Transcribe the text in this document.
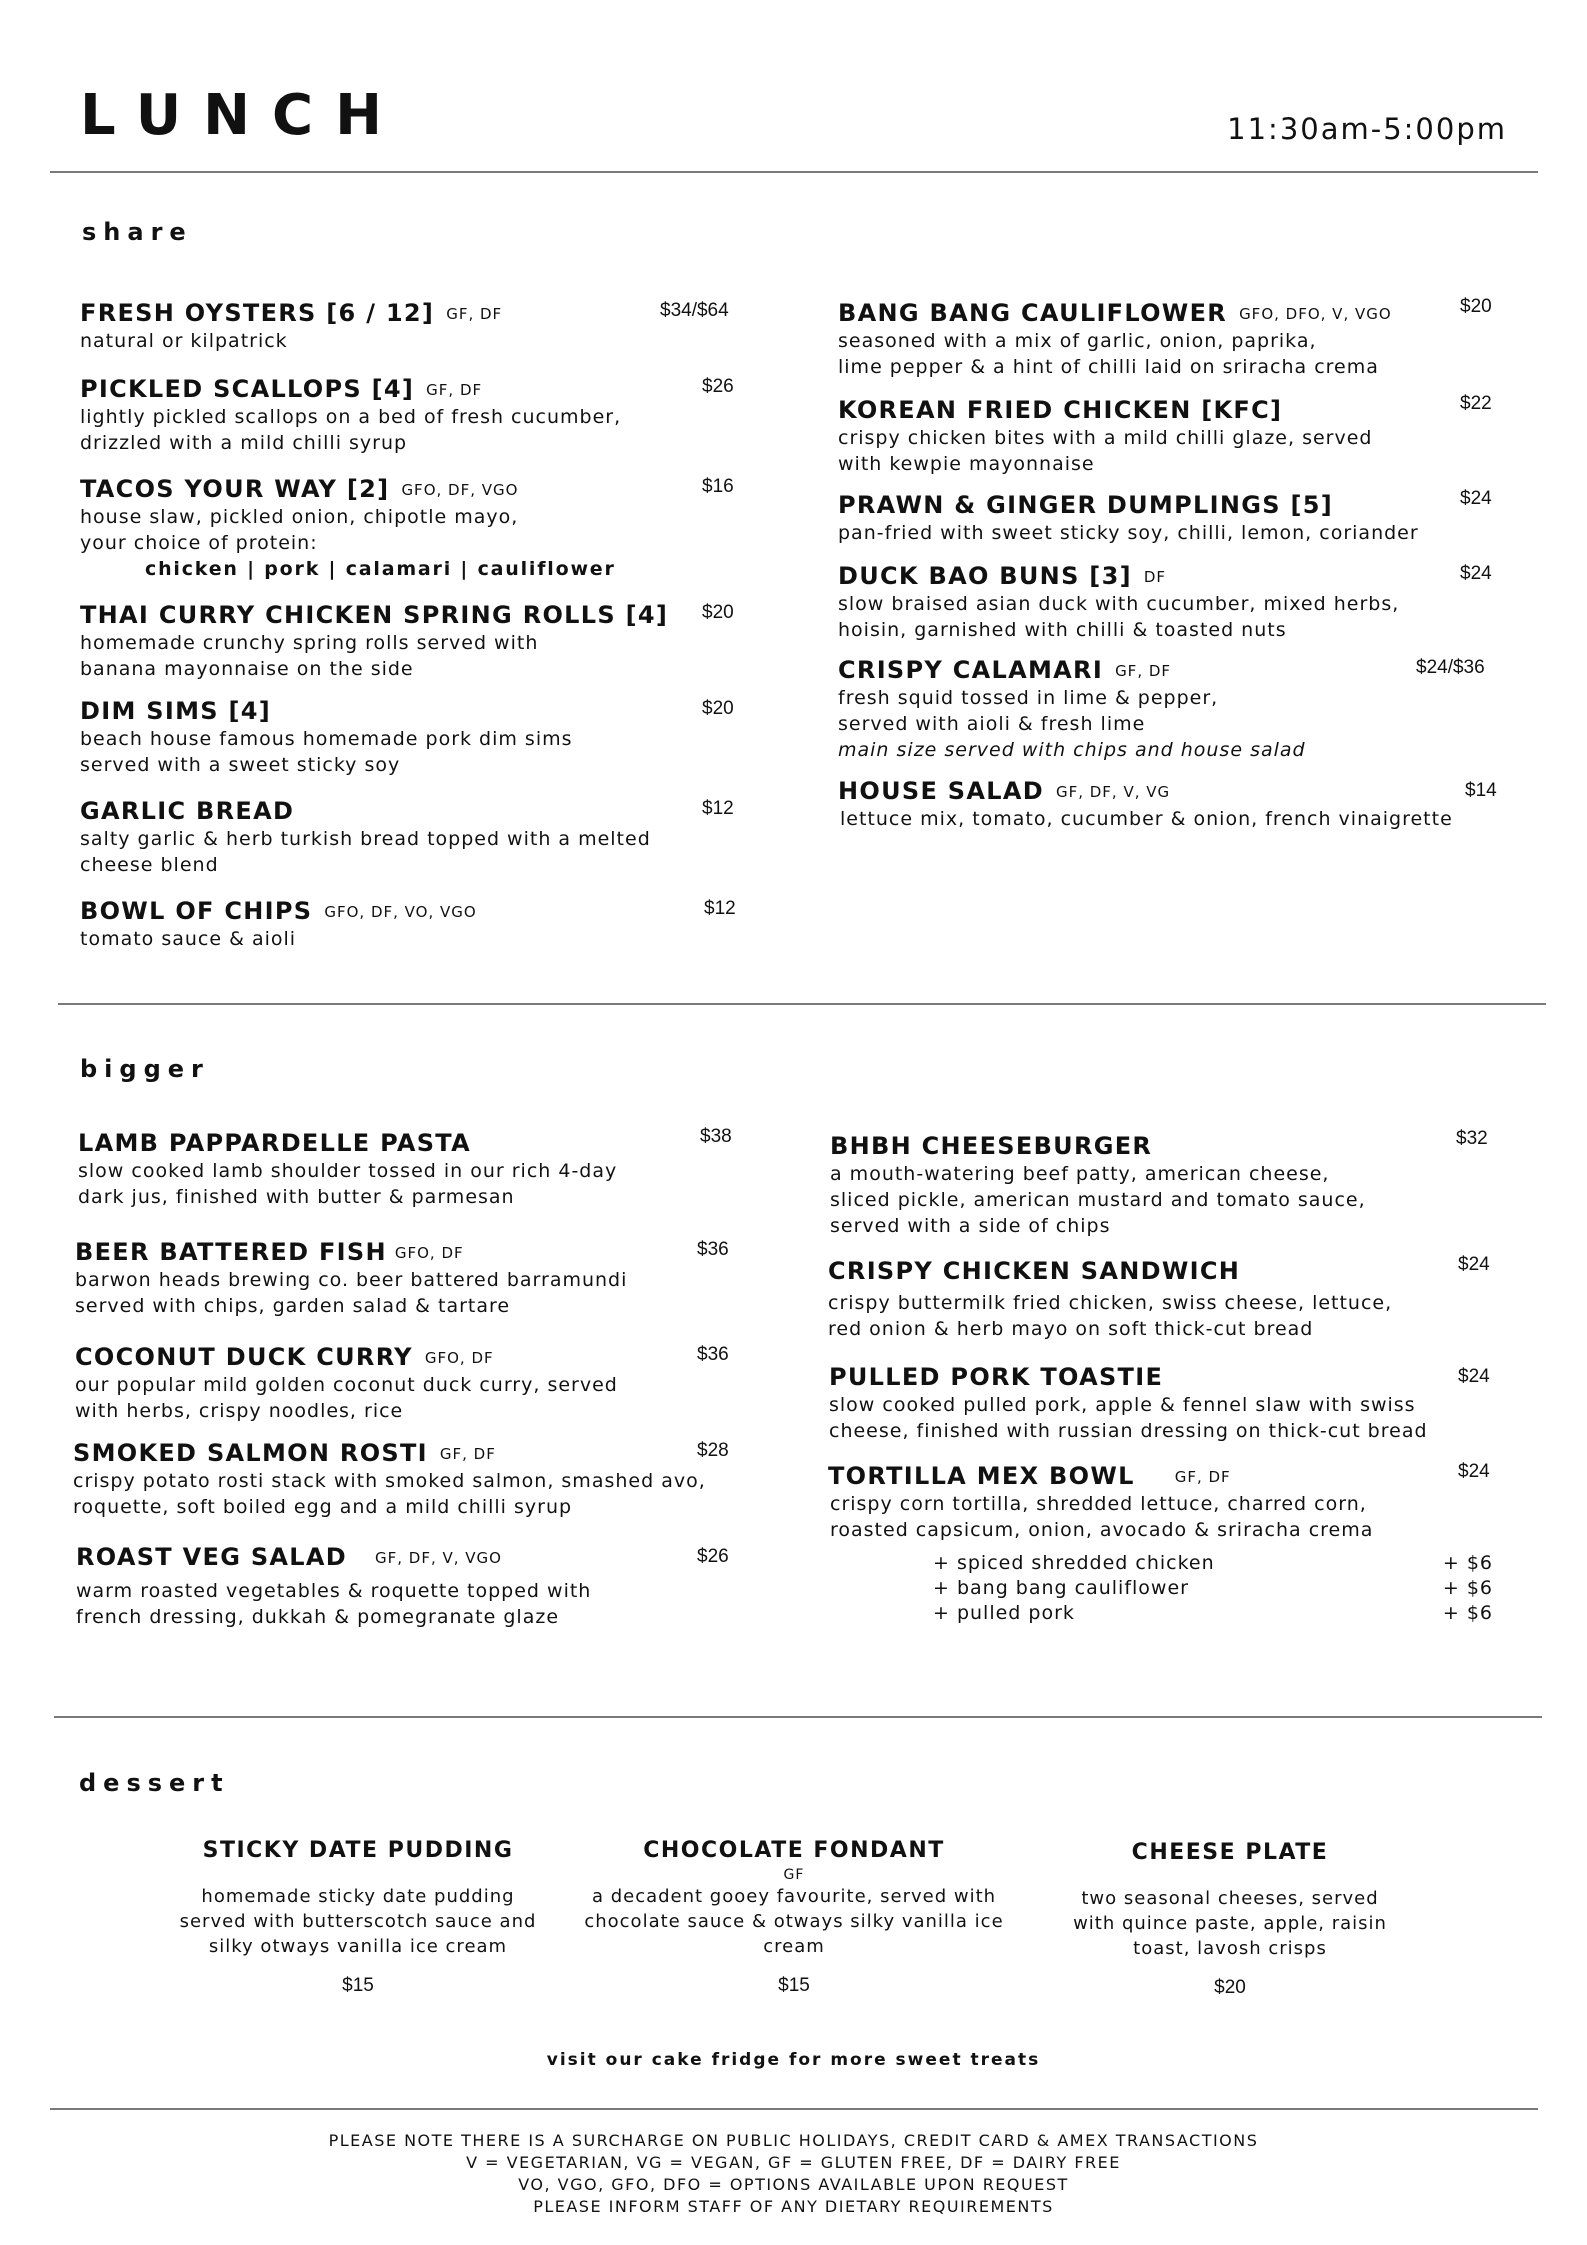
LUNCH	11:30am-5:00pm
share
FRESH OYSTERS [6 / 12] GF, DF	$34/$64
natural or kilpatrick
PICKLED SCALLOPS [4] GF, DF	$26
lightly pickled scallops on a bed of fresh cucumber,
drizzled with a mild chilli syrup
TACOS YOUR WAY [2] GFO, DF, VGO	$16
house slaw, pickled onion, chipotle mayo,
your choice of protein:
chicken | pork | calamari | cauliflower
THAI CURRY CHICKEN SPRING ROLLS [4] $20
homemade crunchy spring rolls served with
banana mayonnaise on the side
DIM SIMS [4]	$20
beach house famous homemade pork dim sims
served with a sweet sticky soy
GARLIC BREAD	$12
salty garlic & herb turkish bread topped with a melted
cheese blend
BOWL OF CHIPS GFO, DF, VO, VGO	$12
tomato sauce & aioli
BANG BANG CAULIFLOWER GFO, DFO, V, VGO	$20
seasoned with a mix of garlic, onion, paprika,
lime pepper & a hint of chilli laid on sriracha crema
KOREAN FRIED CHICKEN [KFC]	$22
crispy chicken bites with a mild chilli glaze, served
with kewpie mayonnaise
PRAWN & GINGER DUMPLINGS [5]	$24
pan-fried with sweet sticky soy, chilli, lemon, coriander
DUCK BAO BUNS [3] DF	$24
slow braised asian duck with cucumber, mixed herbs,
hoisin, garnished with chilli & toasted nuts
CRISPY CALAMARI GF, DF	$24/$36
fresh squid tossed in lime & pepper,
served with aioli & fresh lime
main size served with chips and house salad
HOUSE SALAD GF, DF, V, VG	$14
lettuce mix, tomato, cucumber & onion, french vinaigrette
bigger
LAMB PAPPARDELLE PASTA	$38
slow cooked lamb shoulder tossed in our rich 4-day
dark jus, finished with butter & parmesan
BEER BATTERED FISH GFO, DF	$36
barwon heads brewing co. beer battered barramundi
served with chips, garden salad & tartare
COCONUT DUCK CURRY GFO, DF	$36
our popular mild golden coconut duck curry, served
with herbs, crispy noodles, rice
SMOKED SALMON ROSTI GF, DF	$28
crispy potato rosti stack with smoked salmon, smashed avo,
roquette, soft boiled egg and a mild chilli syrup
ROAST VEG SALAD GF, DF, V, VGO	$26
warm roasted vegetables & roquette topped with
french dressing, dukkah & pomegranate glaze
BHBH CHEESEBURGER	$32
a mouth-watering beef patty, american cheese,
sliced pickle, american mustard and tomato sauce,
served with a side of chips
CRISPY CHICKEN SANDWICH	$24
crispy buttermilk fried chicken, swiss cheese, lettuce,
red onion & herb mayo on soft thick-cut bread
PULLED PORK TOASTIE	$24
slow cooked pulled pork, apple & fennel slaw with swiss
cheese, finished with russian dressing on thick-cut bread
TORTILLA MEX BOWL	GF, DF	$24
crispy corn tortilla, shredded lettuce, charred corn,
roasted capsicum, onion, avocado & sriracha crema
+ spiced shredded chicken	+ $6
+ bang bang cauliflower	+ $6
+ pulled pork	+ $6
dessert
STICKY DATE PUDDING
homemade sticky date pudding
served with butterscotch sauce and
silky otways vanilla ice cream
$15
CHOCOLATE FONDANT
GF
a decadent gooey favourite, served with
chocolate sauce & otways silky vanilla ice
cream
$15
CHEESE PLATE
two seasonal cheeses, served
with quince paste, apple, raisin
toast, lavosh crisps
$20
visit our cake fridge for more sweet treats
PLEASE NOTE THERE IS A SURCHARGE ON PUBLIC HOLIDAYS, CREDIT CARD & AMEX TRANSACTIONS
V = VEGETARIAN, VG = VEGAN, GF = GLUTEN FREE, DF = DAIRY FREE
VO, VGO, GFO, DFO = OPTIONS AVAILABLE UPON REQUEST
PLEASE INFORM STAFF OF ANY DIETARY REQUIREMENTS
